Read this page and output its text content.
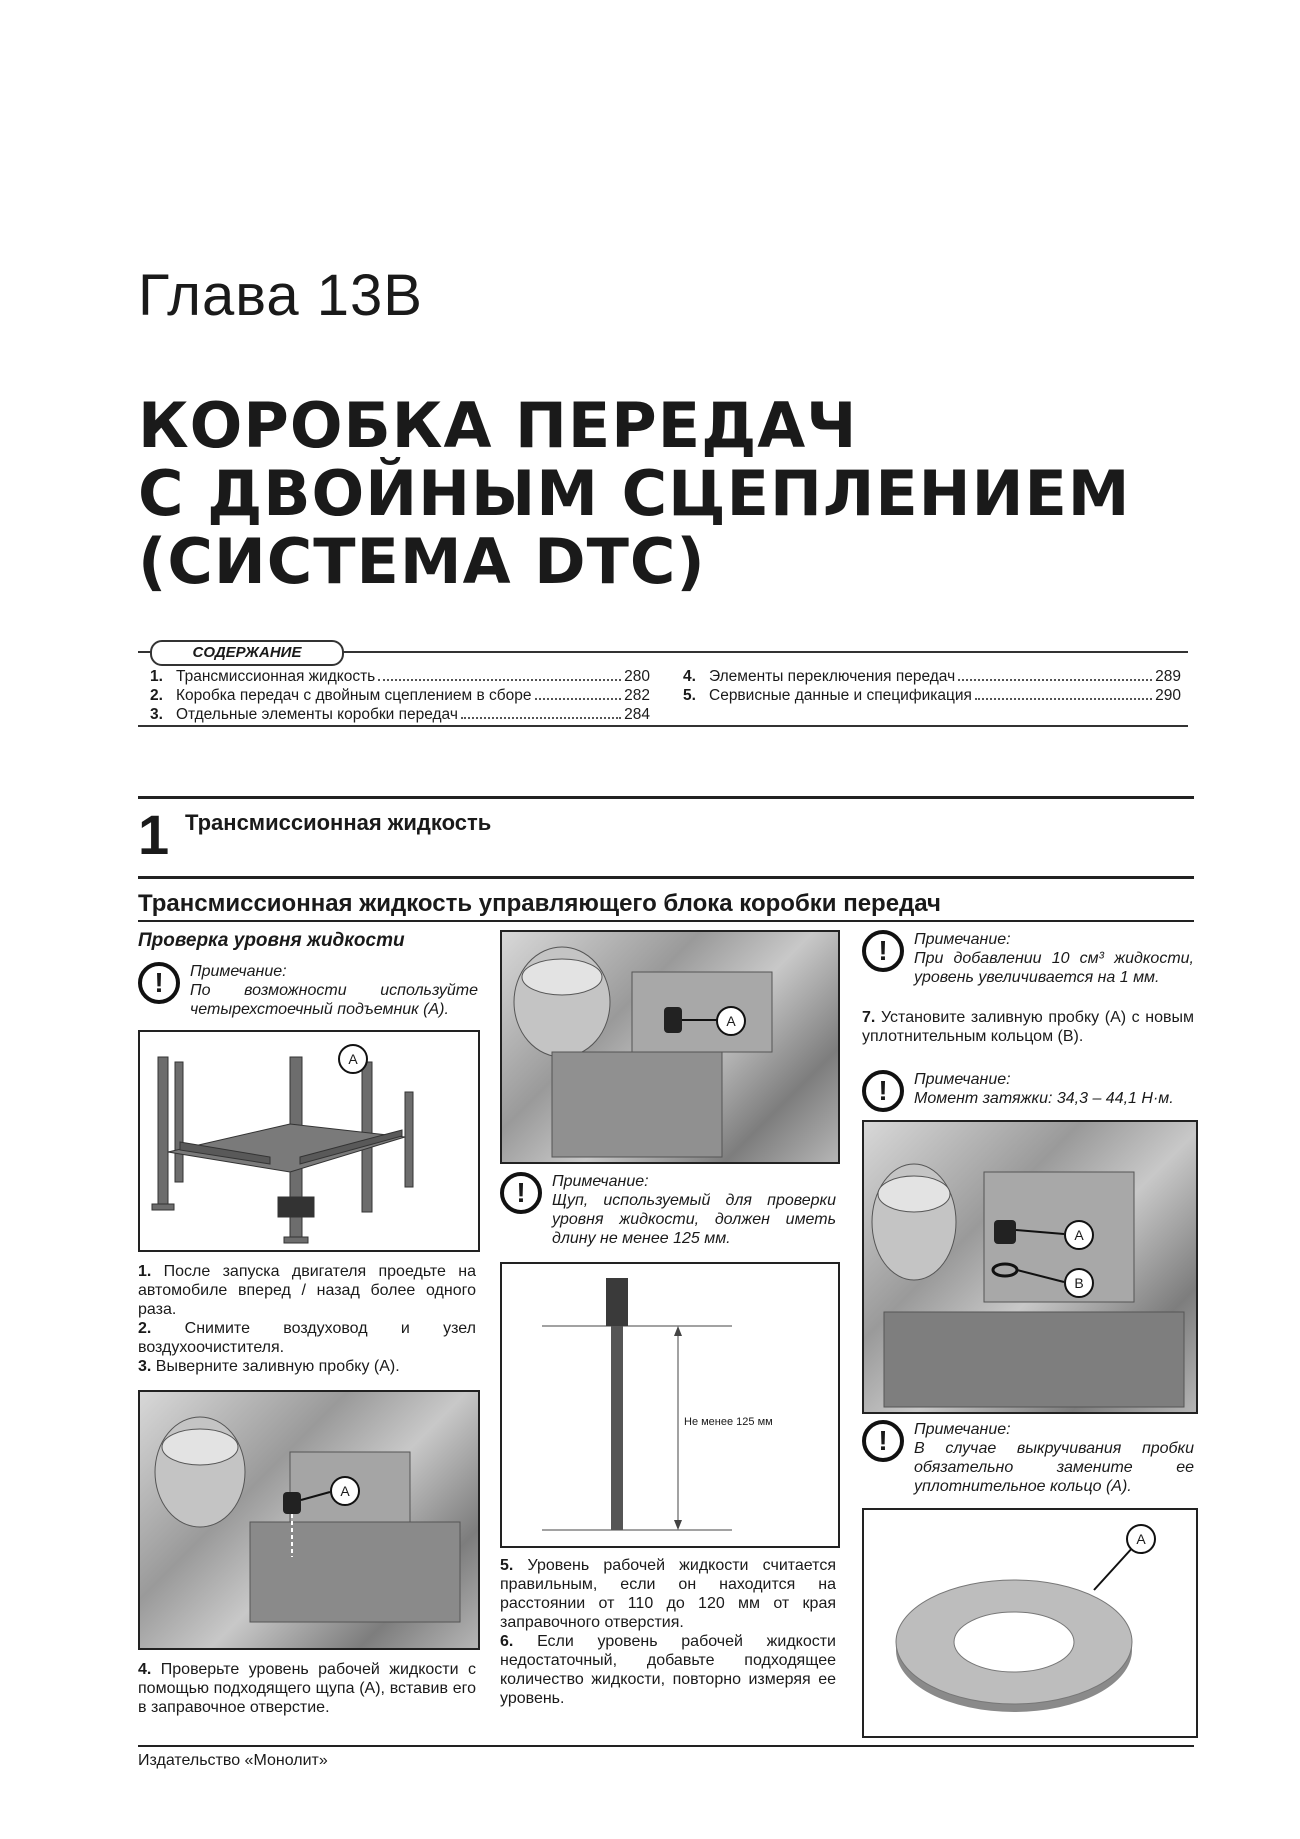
Глава 13В
КОРОБКА ПЕРЕДАЧ
С ДВОЙНЫМ СЦЕПЛЕНИЕМ
(СИСТЕМА DTC)
1. Трансмиссионная жидкость	280
2. Коробка передач с двойным сцеплением в сборе	282
3. Отдельные элементы коробки передач	284
4. Элементы переключения передач	289
5. Сервисные данные и спецификация	290
СОДЕРЖАНИЕ
1 Трансмиссионная жидкость
Трансмиссионная жидкость управляющего блока коробки передач
Проверка уровня жидкости
!	Примечание:
По возможности используйте четырехстоечный подъемник (А).
A
1. После запуска двигателя проедьте на автомобиле вперед / назад более одного раза.
2. Снимите воздуховод и узел воздухоочистителя.
3. Выверните заливную пробку (А).
A
4. Проверьте уровень рабочей жидкости с помощью подходящего щупа (А), вставив его в заправочное отверстие.
A
!	Примечание:
Щуп, используемый для проверки уровня жидкости, должен иметь длину не менее 125 мм.
Не менее 125 мм
5. Уровень рабочей жидкости считается правильным, если он находится на расстоянии от 110 до 120 мм от края заправочного отверстия.
6. Если уровень рабочей жидкости недостаточный, добавьте подходящее количество жидкости, повторно измеряя ее уровень.
!	Примечание:
При добавлении 10 см³ жидкости, уровень увеличивается на 1 мм.
7. Установите заливную пробку (А) с новым уплотнительным кольцом (В).
!	Примечание:
Момент затяжки: 34,3 – 44,1 Н·м.
A
B
!	Примечание:
В случае выкручивания пробки обязательно замените ее уплотнительное кольцо (А).
A
Издательство «Монолит»
